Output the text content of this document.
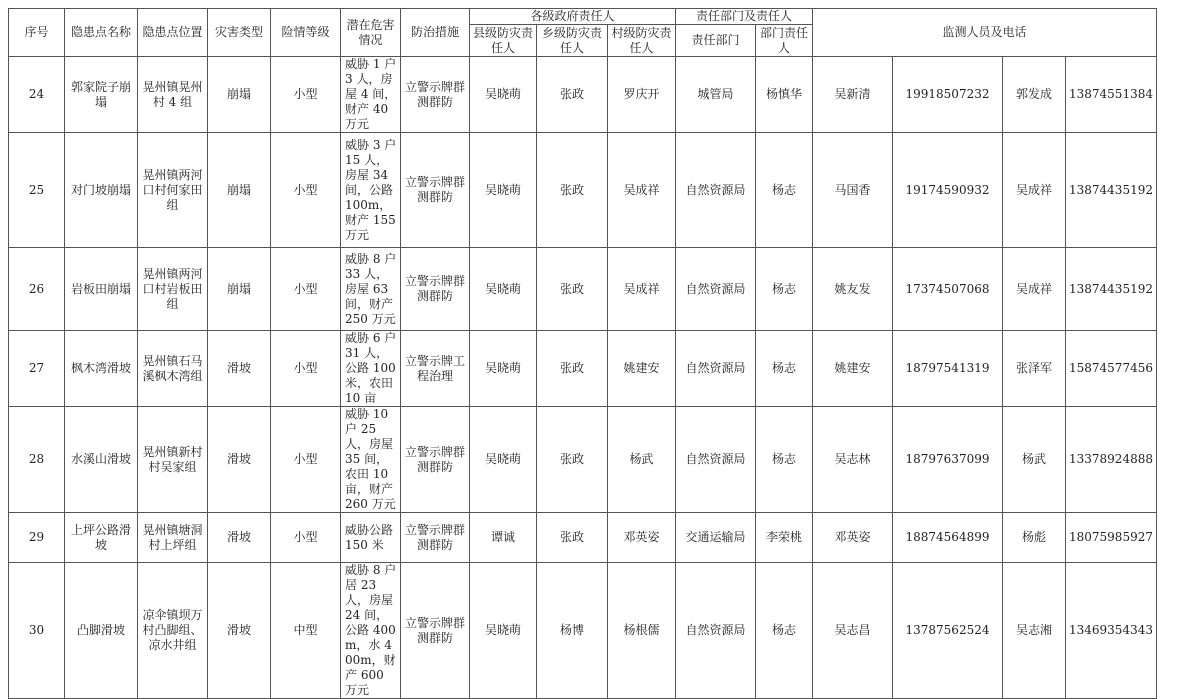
序号	隐患点名称	隐患点位置	灾害类型	险情等级	潜在危害情况	防治措施	各级政府责任人			责任部门及责任人		监测人员及电话			
							县级防灾责任人	乡级防灾责任人	村级防灾责任人	责任部门	部门责任人				
24	郭家院子崩塌	晃州镇晃州村 4 组	崩塌	小型	威胁 1 户 3 人，房屋 4 间，财产 40 万元	立警示牌群测群防	吴晓萌	张政	罗庆开	城管局	杨慎华	吴新清	19918507232	郭发成	13874551384
25	对门坡崩塌	晃州镇两河口村何家田组	崩塌	小型	威胁 3 户 15 人，房屋 34 间，公路 100m，财产 155 万元	立警示牌群测群防	吴晓萌	张政	吴成祥	自然资源局	杨志	马国香	19174590932	吴成祥	13874435192
26	岩板田崩塌	晃州镇两河口村岩板田组	崩塌	小型	威胁 8 户 33 人，房屋 63 间，财产 250 万元	立警示牌群测群防	吴晓萌	张政	吴成祥	自然资源局	杨志	姚友发	17374507068	吴成祥	13874435192
27	枫木湾滑坡	晃州镇石马溪枫木湾组	滑坡	小型	威胁 6 户 31 人，公路 100 米，农田 10 亩	立警示牌工程治理	吴晓萌	张政	姚建安	自然资源局	杨志	姚建安	18797541319	张泽军	15874577456
28	水溪山滑坡	晃州镇新村村吴家组	滑坡	小型	威胁 10 户 25 人，房屋 35 间，农田 10 亩，财产 260 万元	立警示牌群测群防	吴晓萌	张政	杨武	自然资源局	杨志	吴志林	18797637099	杨武	13378924888
29	上坪公路滑坡	晃州镇塘洞村上坪组	滑坡	小型	威胁公路 150 米	立警示牌群测群防	谭诚	张政	邓英姿	交通运输局	李荣桃	邓英姿	18874564899	杨彪	18075985927
30	凸脚滑坡	凉伞镇坝万村凸脚组、凉水井组	滑坡	中型	威胁 8 户居 23 人，房屋 24 间，公路 400m，水 400m，财产 600 万元	立警示牌群测群防	吴晓萌	杨博	杨根儒	自然资源局	杨志	吴志昌	13787562524	吴志湘	13469354343
